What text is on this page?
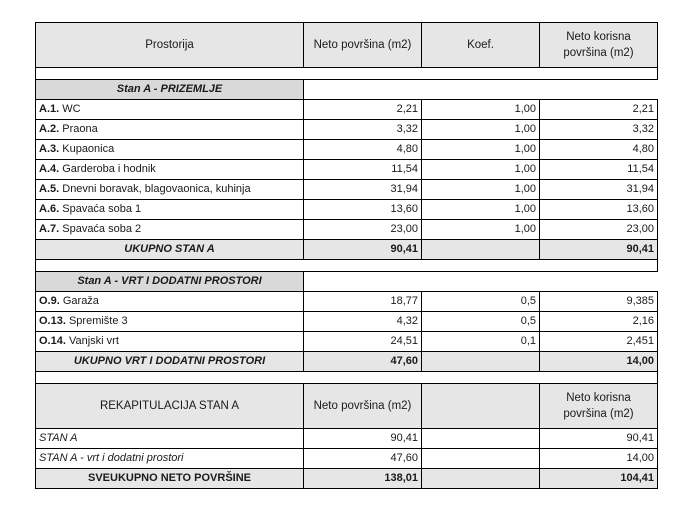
Prostorija	Neto površina (m2)	Koef.	Neto korisna površina (m2)

Stan A - PRIZEMLJE			
A.1. WC	2,21	1,00	2,21
A.2. Praona	3,32	1,00	3,32
A.3. Kupaonica	4,80	1,00	4,80
A.4. Garderoba i hodnik	11,54	1,00	11,54
A.5. Dnevni boravak, blagovaonica, kuhinja	31,94	1,00	31,94
A.6. Spavaća soba 1	13,60	1,00	13,60
A.7. Spavaća soba 2	23,00	1,00	23,00
UKUPNO STAN A	90,41		90,41

Stan A - VRT I DODATNI PROSTORI			
O.9. Garaža	18,77	0,5	9,385
O.13. Spremište 3	4,32	0,5	2,16
O.14. Vanjski vrt	24,51	0,1	2,451
UKUPNO VRT I DODATNI PROSTORI	47,60		14,00

REKAPITULACIJA STAN A	Neto površina (m2)		Neto korisna površina (m2)
STAN A	90,41		90,41
STAN A - vrt i dodatni prostori	47,60		14,00
SVEUKUPNO NETO POVRŠINE	138,01		104,41
